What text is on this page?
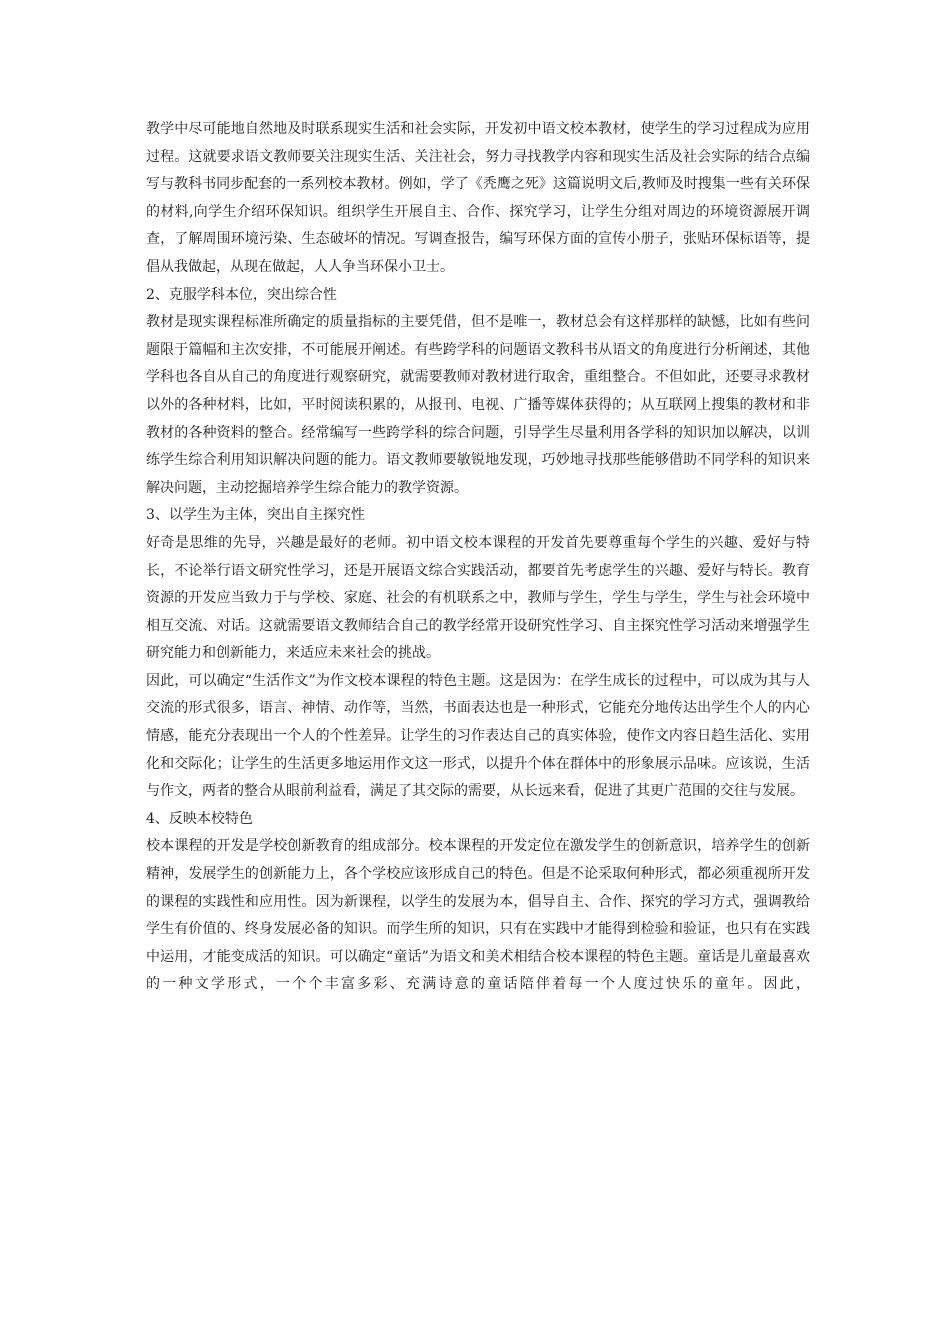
教学中尽可能地自然地及时联系现实生活和社会实际，开发初中语文校本教材，使学生的学习过程成为应用过程。这就要求语文教师要关注现实生活、关注社会，努力寻找教学内容和现实生活及社会实际的结合点编写与教科书同步配套的一系列校本教材。例如，学了《秃鹰之死》这篇说明文后,教师及时搜集一些有关环保的材料,向学生介绍环保知识。组织学生开展自主、合作、探究学习，让学生分组对周边的环境资源展开调查，了解周围环境污染、生态破坏的情况。写调查报告，编写环保方面的宣传小册子，张贴环保标语等，提倡从我做起，从现在做起，人人争当环保小卫士。

2、克服学科本位，突出综合性

教材是现实课程标准所确定的质量指标的主要凭借，但不是唯一，教材总会有这样那样的缺憾，比如有些问题限于篇幅和主次安排，不可能展开阐述。有些跨学科的问题语文教科书从语文的角度进行分析阐述，其他学科也各自从自己的角度进行观察研究，就需要教师对教材进行取舍，重组整合。不但如此，还要寻求教材以外的各种材料，比如，平时阅读积累的，从报刊、电视、广播等媒体获得的；从互联网上搜集的教材和非教材的各种资料的整合。经常编写一些跨学科的综合问题，引导学生尽量利用各学科的知识加以解决，以训练学生综合利用知识解决问题的能力。语文教师要敏锐地发现，巧妙地寻找那些能够借助不同学科的知识来解决问题，主动挖掘培养学生综合能力的教学资源。

3、以学生为主体，突出自主探究性

好奇是思维的先导，兴趣是最好的老师。初中语文校本课程的开发首先要尊重每个学生的兴趣、爱好与特长，不论举行语文研究性学习，还是开展语文综合实践活动，都要首先考虑学生的兴趣、爱好与特长。教育资源的开发应当致力于与学校、家庭、社会的有机联系之中，教师与学生，学生与学生，学生与社会环境中相互交流、对话。这就需要语文教师结合自己的教学经常开设研究性学习、自主探究性学习活动来增强学生研究能力和创新能力，来适应未来社会的挑战。

因此，可以确定“生活作文”为作文校本课程的特色主题。这是因为：在学生成长的过程中，可以成为其与人交流的形式很多，语言、神情、动作等，当然，书面表达也是一种形式，它能充分地传达出学生个人的内心情感，能充分表现出一个人的个性差异。让学生的习作表达自己的真实体验，使作文内容日趋生活化、实用化和交际化；让学生的生活更多地运用作文这一形式，以提升个体在群体中的形象展示品味。应该说，生活与作文，两者的整合从眼前利益看，满足了其交际的需要，从长远来看，促进了其更广范围的交往与发展。

4、反映本校特色

校本课程的开发是学校创新教育的组成部分。校本课程的开发定位在激发学生的创新意识，培养学生的创新精神，发展学生的创新能力上，各个学校应该形成自己的特色。但是不论采取何种形式，都必须重视所开发的课程的实践性和应用性。因为新课程，以学生的发展为本，倡导自主、合作、探究的学习方式，强调教给学生有价值的、终身发展必备的知识。而学生所的知识，只有在实践中才能得到检验和验证，也只有在实践中运用，才能变成活的知识。可以确定“童话”为语文和美术相结合校本课程的特色主题。童话是儿童最喜欢的一种文学形式，一个个丰富多彩、充满诗意的童话陪伴着每一个人度过快乐的童年。因此，
